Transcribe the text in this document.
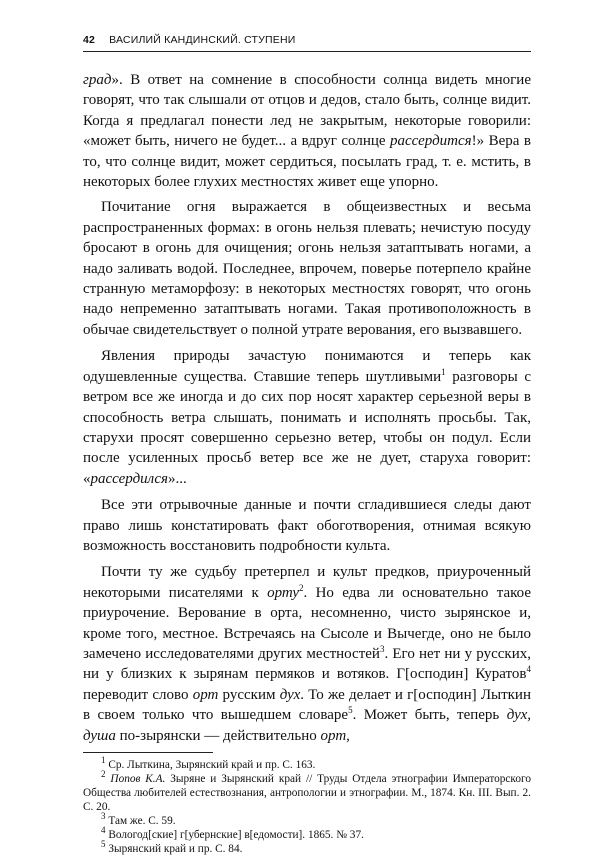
42 ВАСИЛИЙ КАНДИНСКИЙ. СТУПЕНИ

град». В ответ на сомнение в способности солнца видеть многие говорят, что так слышали от отцов и дедов, стало быть, солнце видит. Когда я предлагал понести лед не закрытым, некоторые говорили: «может быть, ничего не будет... а вдруг солнце рассердится!» Вера в то, что солнце видит, может сердиться, посылать град, т. е. мстить, в некоторых более глухих местностях живет еще упорно.

Почитание огня выражается в общеизвестных и весьма распространенных формах: в огонь нельзя плевать; нечистую посуду бросают в огонь для очищения; огонь нельзя затаптывать ногами, а надо заливать водой. Последнее, впрочем, поверье потерпело крайне странную метаморфозу: в некоторых местностях говорят, что огонь надо непременно затаптывать ногами. Такая противоположность в обычае свидетельствует о полной утрате верования, его вызвавшего.

Явления природы зачастую понимаются и теперь как одушевленные существа. Ставшие теперь шутливыми$^1$ разговоры с ветром все же иногда и до сих пор носят характер серьезной веры в способность ветра слышать, понимать и исполнять просьбы. Так, старухи просят совершенно серьезно ветер, чтобы он подул. Если после усиленных просьб ветер все же не дует, старуха говорит: «рассердился»...

Все эти отрывочные данные и почти сгладившиеся следы дают право лишь констатировать факт обоготворения, отнимая всякую возможность восстановить подробности культа.

Почти ту же судьбу претерпел и культ предков, приуроченный некоторыми писателями к орту$^2$. Но едва ли основательно такое приурочение. Верование в орта, несомненно, чисто зырянское и, кроме того, местное. Встречаясь на Сысоле и Вычегде, оно не было замечено исследователями других местностей$^3$. Его нет ни у русских, ни у близких к зырянам пермяков и вотяков. Г[осподин] Куратов$^4$ переводит слово орт русским дух. То же делает и г[осподин] Лыткин в своем только что вышедшем словаре$^5$. Может быть, теперь дух, душа по-зырянски — действительно орт,

$^1$ Ср. Лыткина, Зырянский край и пр. С. 163.

$^2$ Попов К.А. Зыряне и Зырянский край // Труды Отдела этнографии Императорского Общества любителей естествознания, антропологии и этнографии. М., 1874. Кн. III. Вып. 2. С. 20.

$^3$ Там же. С. 59.

$^4$ Вологод[ские] г[убернские] в[едомости]. 1865. № 37.

$^5$ Зырянский край и пр. С. 84.
